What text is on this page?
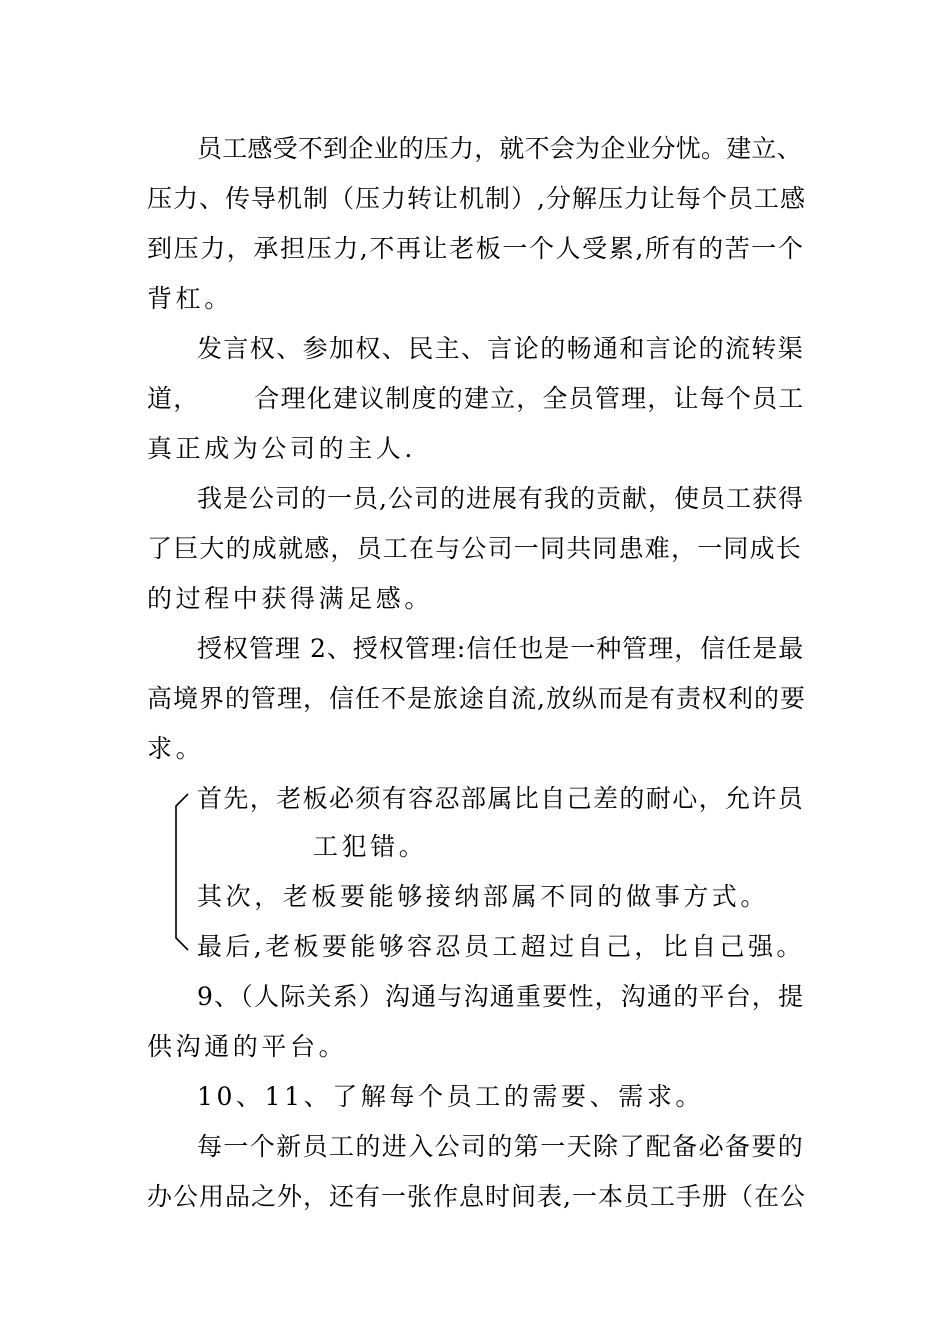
员工感受不到企业的压力，就不会为企业分忧。建立、
压力、传导机制（压力转让机制）,分解压力让每个员工感
到压力，承担压力,不再让老板一个人受累,所有的苦一个
背杠。
发言权、参加权、民主、言论的畅通和言论的流转渠
道，      合理化建议制度的建立，全员管理，让每个员工
真正成为公司的主人.
我是公司的一员,公司的进展有我的贡献，使员工获得
了巨大的成就感，员工在与公司一同共同患难，一同成长
的过程中获得满足感。
授权管理 2、授权管理:信任也是一种管理，信任是最
高境界的管理，信任不是旅途自流,放纵而是有责权利的要
求。
首先，老板必须有容忍部属比自己差的耐心，允许员
工犯错。
其次，老板要能够接纳部属不同的做事方式。
最后,老板要能够容忍员工超过自己，比自己强。
9、（人际关系）沟通与沟通重要性，沟通的平台，提
供沟通的平台。
10、11、了解每个员工的需要、需求。
每一个新员工的进入公司的第一天除了配备必备要的
办公用品之外，还有一张作息时间表,一本员工手册（在公
